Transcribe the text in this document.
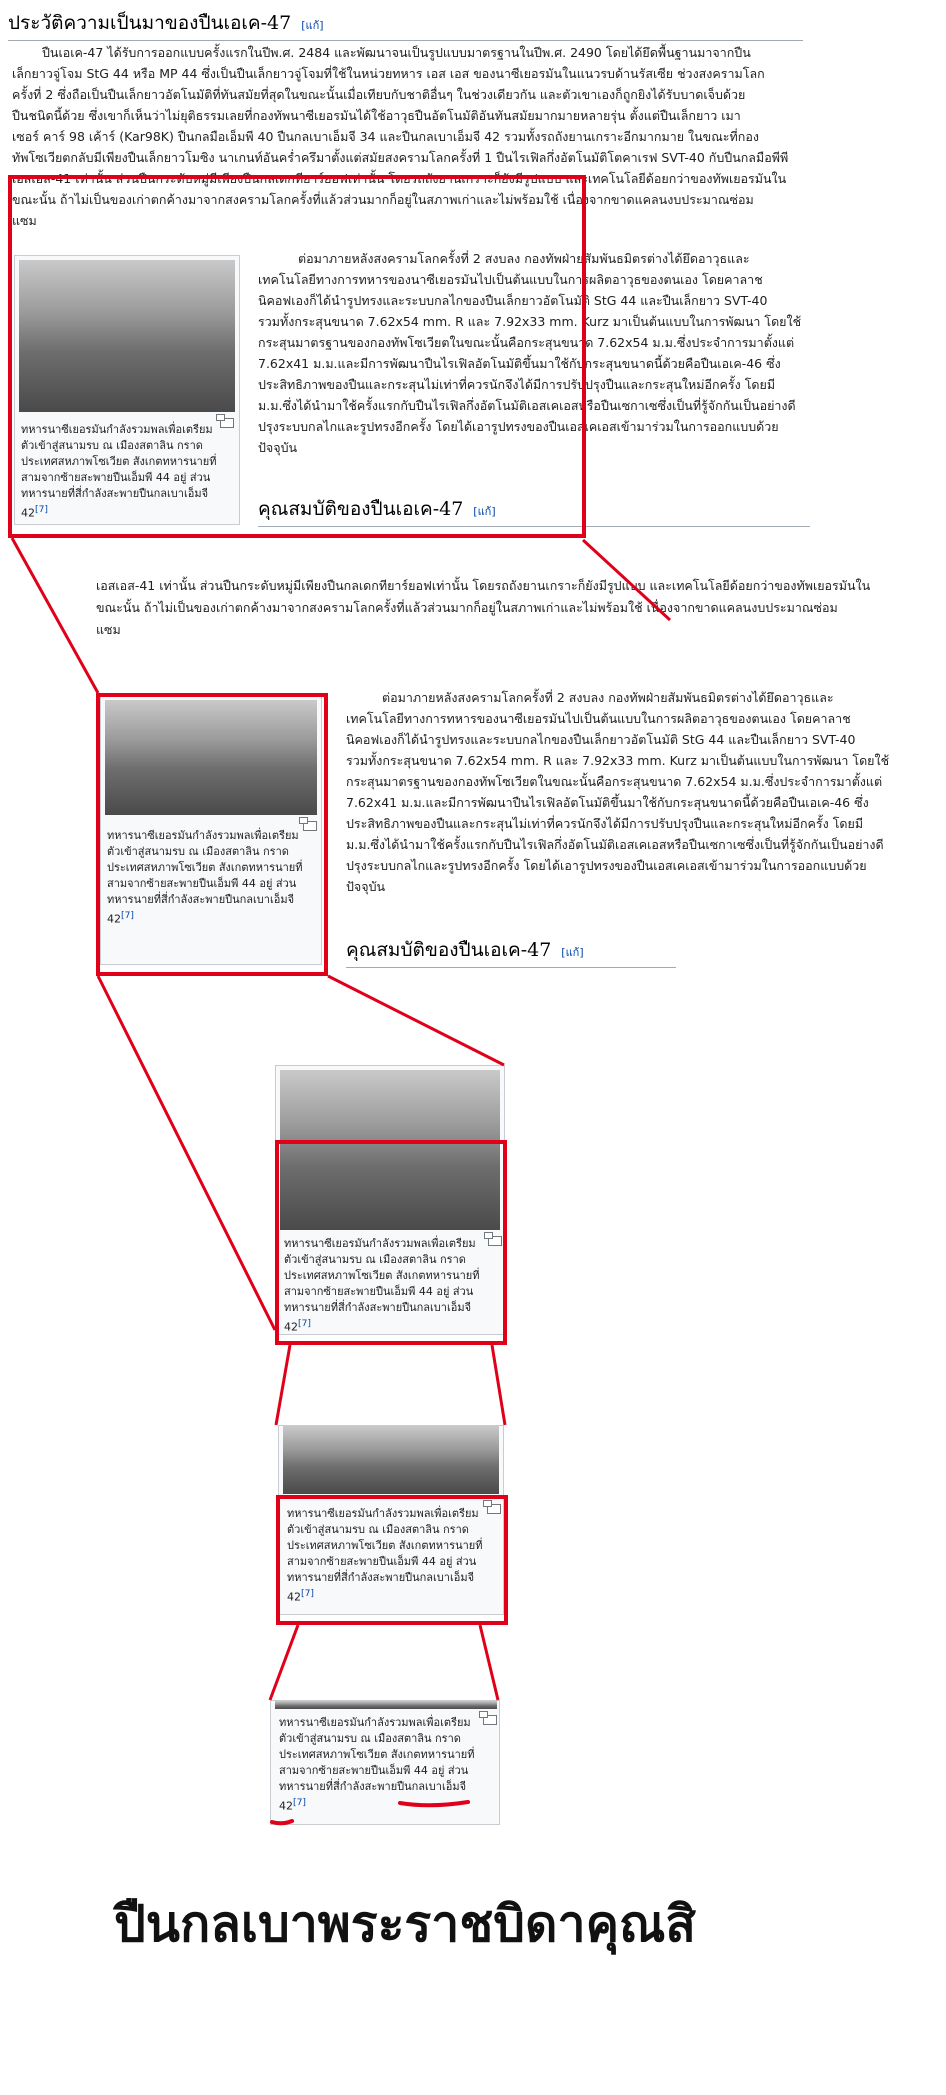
ประวัติความเป็นมาของปืนเอเค-47 [แก้]
ปืนเอเค-47 ได้รับการออกแบบครั้งแรกในปีพ.ศ. 2484 และพัฒนาจนเป็นรูปแบบมาตรฐานในปีพ.ศ. 2490 โดยได้ยึดพื้นฐานมาจากปืน
เล็กยาวจู่โจม StG 44 หรือ MP 44 ซึ่งเป็นปืนเล็กยาวจู่โจมที่ใช้ในหน่วยทหาร เอส เอส ของนาซีเยอรมันในแนวรบด้านรัสเซีย ช่วงสงครามโลก
ครั้งที่ 2 ซึ่งถือเป็นปืนเล็กยาวอัตโนมัติที่ทันสมัยที่สุดในขณะนั้นเมื่อเทียบกับชาติอื่นๆ ในช่วงเดียวกัน และตัวเขาเองก็ถูกยิงได้รับบาดเจ็บด้วย
ปืนชนิดนี้ด้วย ซึ่งเขาก็เห็นว่าไม่ยุติธรรมเลยที่กองทัพนาซีเยอรมันได้ใช้อาวุธปืนอัตโนมัติอันทันสมัยมากมายหลายรุ่น ตั้งแต่ปืนเล็กยาว เมา
เซอร์ คาร์ 98 เค้าร์ (Kar98K) ปืนกลมือเอ็มพี 40 ปืนกลเบาเอ็มจี 34 และปืนกลเบาเอ็มจี 42 รวมทั้งรถถังยานเกราะอีกมากมาย ในขณะที่กอง
ทัพโซเวียตกลับมีเพียงปืนเล็กยาวโมซิง นาเกนท์อันคร่ำครึมาตั้งแต่สมัยสงครามโลกครั้งที่ 1 ปืนไรเฟิลกึ่งอัตโนมัติโตคาเรฟ SVT-40 กับปืนกลมือพีพี
เอสเอส-41 เท่านั้น ส่วนปืนกระดับหมู่มีเพียงปืนกลเดกทียาร์ยอฟเท่านั้น โดยรถถังยานเกราะก็ยังมีรูปแบบ และเทคโนโลยีด้อยกว่าของทัพเยอรมันใน
ขณะนั้น ถ้าไม่เป็นของเก่าตกค้างมาจากสงครามโลกครั้งที่แล้วส่วนมากก็อยู่ในสภาพเก่าและไม่พร้อมใช้ เนื่องจากขาดแคลนงบประมาณซ่อม
แซม
ทหารนาซีเยอรมันกำลังรวมพลเพื่อเตรียม
ตัวเข้าสู่สนามรบ ณ เมืองสตาลิน กราด
ประเทศสหภาพโซเวียต สังเกตทหารนายที่
สามจากซ้ายสะพายปืนเอ็มพี 44 อยู่ ส่วน
ทหารนายที่สี่กำลังสะพายปืนกลเบาเอ็มจี
42[7]
ต่อมาภายหลังสงครามโลกครั้งที่ 2 สงบลง กองทัพฝ่ายสัมพันธมิตรต่างได้ยึดอาวุธและ
เทคโนโลยีทางการทหารของนาซีเยอรมันไปเป็นต้นแบบในการผลิตอาวุธของตนเอง โดยคาลาช
นิคอฟเองก็ได้นำรูปทรงและระบบกลไกของปืนเล็กยาวอัตโนมัติ StG 44 และปืนเล็กยาว SVT-40
รวมทั้งกระสุนขนาด 7.62x54 mm. R และ 7.92x33 mm. Kurz มาเป็นต้นแบบในการพัฒนา โดยใช้
กระสุนมาตรฐานของกองทัพโซเวียตในขณะนั้นคือกระสุนขนาด 7.62x54 ม.ม.ซึ่งประจำการมาตั้งแต่
7.62x41 ม.ม.และมีการพัฒนาปืนไรเฟิลอัตโนมัติขึ้นมาใช้กับกระสุนขนาดนี้ด้วยคือปืนเอเค-46 ซึ่ง
ประสิทธิภาพของปืนและกระสุนไม่เท่าที่ควรนักจึงได้มีการปรับปรุงปืนและกระสุนใหม่อีกครั้ง โดยมี
ม.ม.ซึ่งได้นำมาใช้ครั้งแรกกับปืนไรเฟิลกึ่งอัตโนมัติเอสเคเอสหรือปืนเซกาเซซึ่งเป็นที่รู้จักกันเป็นอย่างดี
ปรุงระบบกลไกและรูปทรงอีกครั้ง โดยได้เอารูปทรงของปืนเอสเคเอสเข้ามาร่วมในการออกแบบด้วย
ปัจจุบัน
คุณสมบัติของปืนเอเค-47 [แก้]
เอสเอส-41 เท่านั้น ส่วนปืนกระดับหมู่มีเพียงปืนกลเดกทียาร์ยอฟเท่านั้น โดยรถถังยานเกราะก็ยังมีรูปแบบ และเทคโนโลยีด้อยกว่าของทัพเยอรมันใน
ขณะนั้น ถ้าไม่เป็นของเก่าตกค้างมาจากสงครามโลกครั้งที่แล้วส่วนมากก็อยู่ในสภาพเก่าและไม่พร้อมใช้ เนื่องจากขาดแคลนงบประมาณซ่อม
แซม
ทหารนาซีเยอรมันกำลังรวมพลเพื่อเตรียม
ตัวเข้าสู่สนามรบ ณ เมืองสตาลิน กราด
ประเทศสหภาพโซเวียต สังเกตทหารนายที่
สามจากซ้ายสะพายปืนเอ็มพี 44 อยู่ ส่วน
ทหารนายที่สี่กำลังสะพายปืนกลเบาเอ็มจี
42[7]
ต่อมาภายหลังสงครามโลกครั้งที่ 2 สงบลง กองทัพฝ่ายสัมพันธมิตรต่างได้ยึดอาวุธและ
เทคโนโลยีทางการทหารของนาซีเยอรมันไปเป็นต้นแบบในการผลิตอาวุธของตนเอง โดยคาลาช
นิคอฟเองก็ได้นำรูปทรงและระบบกลไกของปืนเล็กยาวอัตโนมัติ StG 44 และปืนเล็กยาว SVT-40
รวมทั้งกระสุนขนาด 7.62x54 mm. R และ 7.92x33 mm. Kurz มาเป็นต้นแบบในการพัฒนา โดยใช้
กระสุนมาตรฐานของกองทัพโซเวียตในขณะนั้นคือกระสุนขนาด 7.62x54 ม.ม.ซึ่งประจำการมาตั้งแต่
7.62x41 ม.ม.และมีการพัฒนาปืนไรเฟิลอัตโนมัติขึ้นมาใช้กับกระสุนขนาดนี้ด้วยคือปืนเอเค-46 ซึ่ง
ประสิทธิภาพของปืนและกระสุนไม่เท่าที่ควรนักจึงได้มีการปรับปรุงปืนและกระสุนใหม่อีกครั้ง โดยมี
ม.ม.ซึ่งได้นำมาใช้ครั้งแรกกับปืนไรเฟิลกึ่งอัตโนมัติเอสเคเอสหรือปืนเซกาเซซึ่งเป็นที่รู้จักกันเป็นอย่างดี
ปรุงระบบกลไกและรูปทรงอีกครั้ง โดยได้เอารูปทรงของปืนเอสเคเอสเข้ามาร่วมในการออกแบบด้วย
ปัจจุบัน
คุณสมบัติของปืนเอเค-47 [แก้]
ทหารนาซีเยอรมันกำลังรวมพลเพื่อเตรียม
ตัวเข้าสู่สนามรบ ณ เมืองสตาลิน กราด
ประเทศสหภาพโซเวียต สังเกตทหารนายที่
สามจากซ้ายสะพายปืนเอ็มพี 44 อยู่ ส่วน
ทหารนายที่สี่กำลังสะพายปืนกลเบาเอ็มจี
42[7]
ทหารนาซีเยอรมันกำลังรวมพลเพื่อเตรียม
ตัวเข้าสู่สนามรบ ณ เมืองสตาลิน กราด
ประเทศสหภาพโซเวียต สังเกตทหารนายที่
สามจากซ้ายสะพายปืนเอ็มพี 44 อยู่ ส่วน
ทหารนายที่สี่กำลังสะพายปืนกลเบาเอ็มจี
42[7]
ทหารนาซีเยอรมันกำลังรวมพลเพื่อเตรียม
ตัวเข้าสู่สนามรบ ณ เมืองสตาลิน กราด
ประเทศสหภาพโซเวียต สังเกตทหารนายที่
สามจากซ้ายสะพายปืนเอ็มพี 44 อยู่ ส่วน
ทหารนายที่สี่กำลังสะพายปืนกลเบาเอ็มจี
42[7]
ปืนกลเบาพระราชบิดาคุณสิ
